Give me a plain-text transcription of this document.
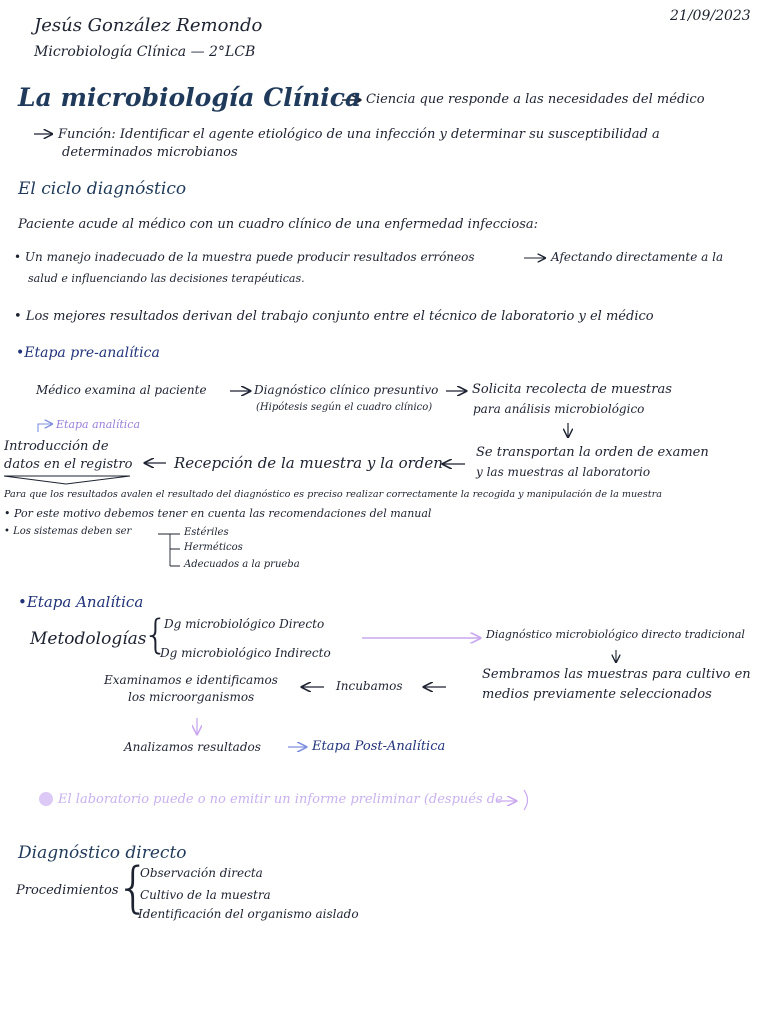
Jesús González Remondo
Microbiología Clínica — 2°LCB
21/09/2023
La microbiología Clínica Ciencia que responde a las necesidades del médico
Función: Identificar el agente etiológico de una infección y determinar su susceptibilidad a
determinados microbianos
El ciclo diagnóstico
Paciente acude al médico con un cuadro clínico de una enfermedad infecciosa:
• Un manejo inadecuado de la muestra puede producir resultados erróneos	Afectando directamente a la
salud e influenciando las decisiones terapéuticas.
• Los mejores resultados derivan del trabajo conjunto entre el técnico de laboratorio y el médico
•Etapa pre-analítica
Médico examina al paciente	Diagnóstico clínico presuntivo
(Hipótesis según el cuadro clínico)
Solicita recolecta de muestras
para análisis microbiológico
Etapa analítica
Introducción de
datos en el registro	Recepción de la muestra y la orden
Se transportan la orden de examen
y las muestras al laboratorio
Para que los resultados avalen el resultado del diagnóstico es preciso realizar correctamente la recogida y manipulación de la muestra
• Por este motivo debemos tener en cuenta las recomendaciones del manual
• Los sistemas deben ser	Estériles
Herméticos
Adecuados a la prueba
•Etapa Analítica
Metodologías
{
Dg microbiológico Directo
Dg microbiológico Indirecto
Diagnóstico microbiológico directo tradicional
Sembramos las muestras para cultivo en
medios previamente seleccionados
Incubamos
Examinamos e identificamos
los microorganismos
Analizamos resultados	Etapa Post-Analítica
El laboratorio puede o no emitir un informe preliminar (después de
Diagnóstico directo
Procedimientos
{
Observación directa
Cultivo de la muestra
Identificación del organismo aislado
